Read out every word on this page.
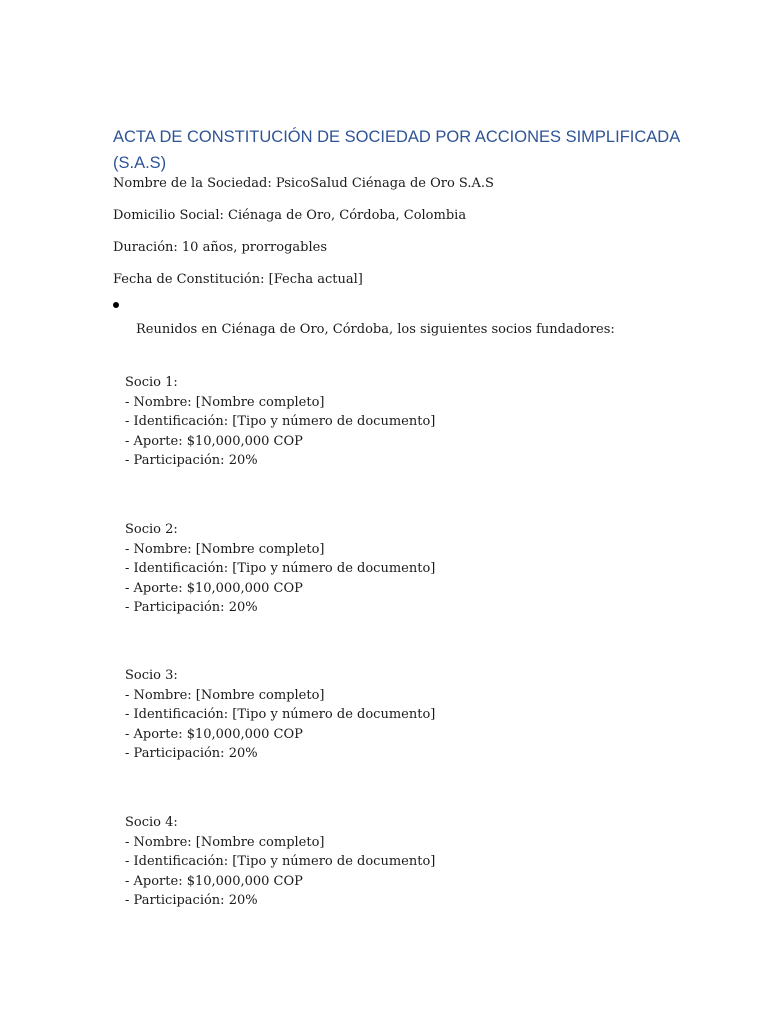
ACTA DE CONSTITUCIÓN DE SOCIEDAD POR ACCIONES SIMPLIFICADA (S.A.S)
Nombre de la Sociedad: PsicoSalud Ciénaga de Oro S.A.S
Domicilio Social: Ciénaga de Oro, Córdoba, Colombia
Duración: 10 años, prorrogables
Fecha de Constitución: [Fecha actual]
Reunidos en Ciénaga de Oro, Córdoba, los siguientes socios fundadores:
Socio 1:
- Nombre: [Nombre completo]
- Identificación: [Tipo y número de documento]
- Aporte: $10,000,000 COP
- Participación: 20%
Socio 2:
- Nombre: [Nombre completo]
- Identificación: [Tipo y número de documento]
- Aporte: $10,000,000 COP
- Participación: 20%
Socio 3:
- Nombre: [Nombre completo]
- Identificación: [Tipo y número de documento]
- Aporte: $10,000,000 COP
- Participación: 20%
Socio 4:
- Nombre: [Nombre completo]
- Identificación: [Tipo y número de documento]
- Aporte: $10,000,000 COP
- Participación: 20%
